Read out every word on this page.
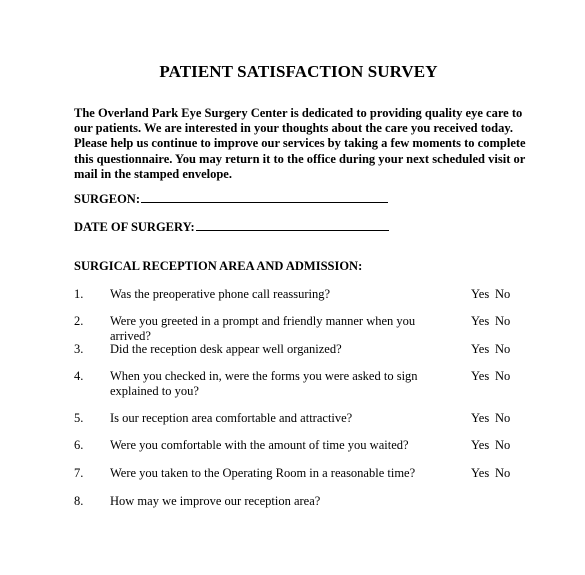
PATIENT SATISFACTION SURVEY
The Overland Park Eye Surgery Center is dedicated to providing quality eye care to our patients. We are interested in your thoughts about the care you received today. Please help us continue to improve our services by taking a few moments to complete this questionnaire. You may return it to the office during your next scheduled visit or mail in the stamped envelope.
SURGEON:
DATE OF SURGERY:
SURGICAL RECEPTION AREA AND ADMISSION:
1. Was the preoperative phone call reassuring?	Yes No
2. Were you greeted in a prompt and friendly manner when you arrived?
Yes No
3. Did the reception desk appear well organized?	Yes No
4. When you checked in, were the forms you were asked to sign explained to you?
Yes No
5. Is our reception area comfortable and attractive?	Yes No
6. Were you comfortable with the amount of time you waited?	Yes No
7. Were you taken to the Operating Room in a reasonable time?	Yes No
8. How may we improve our reception area?
